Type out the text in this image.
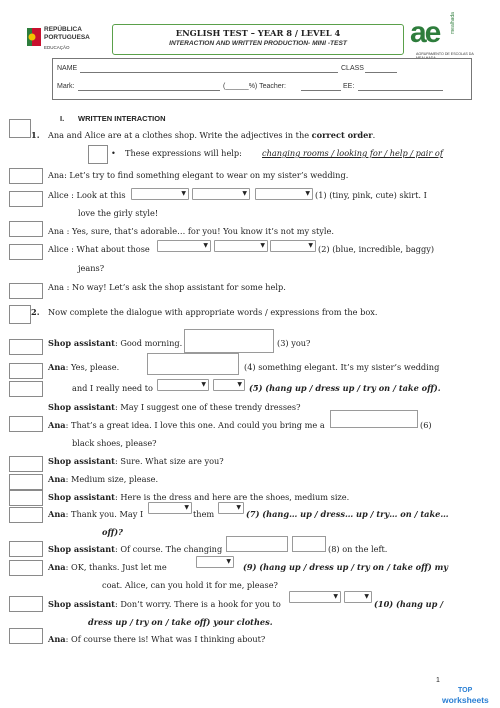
REPÚBLICA
PORTUGUESA
EDUCAÇÃO
ENGLISH TEST – YEAR 8 / LEVEL 4
INTERACTION AND WRITTEN PRODUCTION- MINI -TEST	ae mealhada
AGRUPAMENTO DE ESCOLAS DA MEALHADA
NAME	CLASS
Mark:	(______%) Teacher:	EE:
I. WRITTEN INTERACTION
1. Ana and Alice are at a clothes shop. Write the adjectives in the correct order.
• These expressions will help: changing rooms / looking for / help / pair of
Ana: Let’s try to find something elegant to wear on my sister’s wedding.
Alice : Look at this	▼	▼	▼ (1) (tiny, pink, cute) skirt. I
love the girly style!
Ana : Yes, sure, that’s adorable… for you! You know it’s not my style.
Alice : What about those	▼	▼	▼ (2) (blue, incredible, baggy)
jeans?
Ana : No way! Let’s ask the shop assistant for some help.
2. Now complete the dialogue with appropriate words / expressions from the box.
Shop assistant: Good morning.	(3) you?
Ana: Yes, please.	(4) something elegant. It’s my sister’s wedding
and I really need to	▼	▼ (5) (hang up / dress up / try on / take off).
Shop assistant: May I suggest one of these trendy dresses?
Ana: That’s a great idea. I love this one. And could you bring me a	(6)
black shoes, please?
Shop assistant: Sure. What size are you?
Ana: Medium size, please.
Shop assistant: Here is the dress and here are the shoes, medium size.
Ana: Thank you. May I
▼
them
▼
(7) (hang… up / dress… up / try… on / take…
off)?
Shop assistant: Of course. The changing	(8) on the left.
Ana: OK, thanks. Just let me
▼
(9) (hang up / dress up / try on / take off) my
coat. Alice, can you hold it for me, please?
Shop assistant: Don’t worry. There is a hook for you to
▼	▼
(10) (hang up /
dress up / try on / take off) your clothes.
Ana: Of course there is! What was I thinking about?
1
TOP
worksheets
